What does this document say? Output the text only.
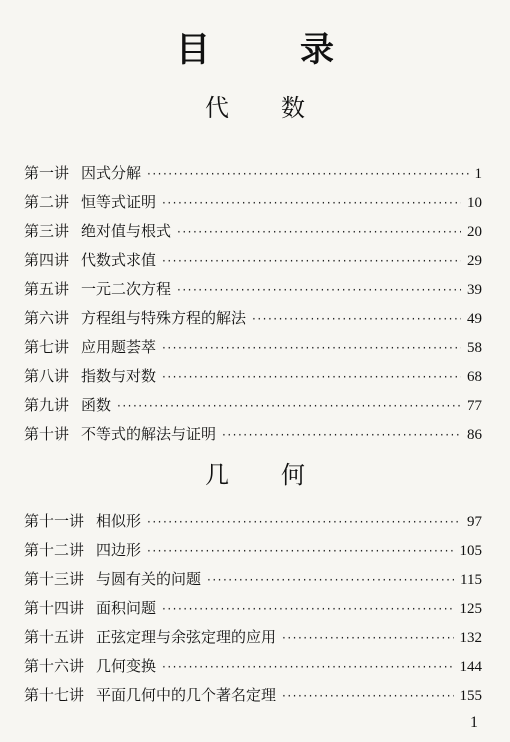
目	录
代 数
第一讲 因式分解 ·····	1
第二讲 恒等式证明 ·····	10
第三讲 绝对值与根式 ·····	20
第四讲 代数式求值 ·····	29
第五讲 一元二次方程 ·····	39
第六讲 方程组与特殊方程的解法 ·····	49
第七讲 应用题荟萃 ·····	58
第八讲 指数与对数 ·····	68
第九讲 函数 ·····	77
第十讲 不等式的解法与证明 ·····	86
几 何
第十一讲 相似形 ·····	97
第十二讲 四边形 ·····	105
第十三讲 与圆有关的问题 ·····	115
第十四讲 面积问题 ·····	125
第十五讲 正弦定理与余弦定理的应用 ·····	132
第十六讲 几何变换 ·····	144
第十七讲 平面几何中的几个著名定理 ·····	155
1
